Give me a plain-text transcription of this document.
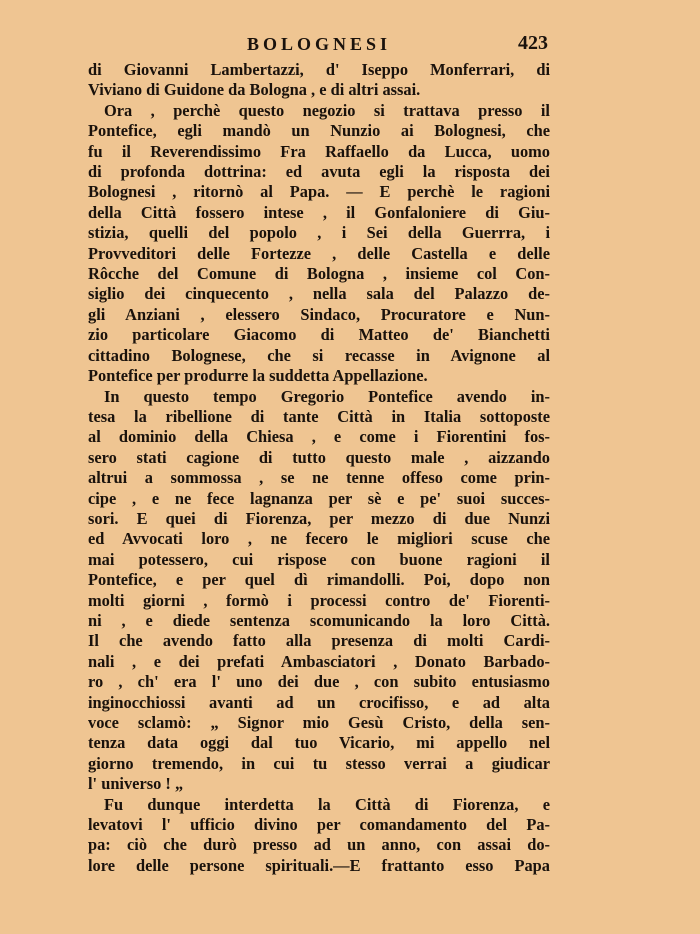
BOLOGNESI	423
di Giovanni Lambertazzi, d' Iseppo Monferrari, di
Viviano di Guidone da Bologna , e di altri assai.
Ora , perchè questo negozio si trattava presso il
Pontefice, egli mandò un Nunzio ai Bolognesi, che
fu il Reverendissimo Fra Raffaello da Lucca, uomo
di profonda dottrina: ed avuta egli la risposta dei
Bolognesi , ritornò al Papa. — E perchè le ragioni
della Città fossero intese , il Gonfaloniere di Giu-
stizia, quelli del popolo , i Sei della Guerrra, i
Provveditori delle Fortezze , delle Castella e delle
Rôcche del Comune di Bologna , insieme col Con-
siglio dei cinquecento , nella sala del Palazzo de-
gli Anziani , elessero Sindaco, Procuratore e Nun-
zio particolare Giacomo di Matteo de' Bianchetti
cittadino Bolognese, che si recasse in Avignone al
Pontefice per produrre la suddetta Appellazione.
In questo tempo Gregorio Pontefice avendo in-
tesa la ribellione di tante Città in Italia sottoposte
al dominio della Chiesa , e come i Fiorentini fos-
sero stati cagione di tutto questo male , aizzando
altrui a sommossa , se ne tenne offeso come prin-
cipe , e ne fece lagnanza per sè e pe' suoi succes-
sori. E quei di Fiorenza, per mezzo di due Nunzi
ed Avvocati loro , ne fecero le migliori scuse che
mai potessero, cui rispose con buone ragioni il
Pontefice, e per quel dì rimandolli. Poi, dopo non
molti giorni , formò i processi contro de' Fiorenti-
ni , e diede sentenza scomunicando la loro Città.
Il che avendo fatto alla presenza di molti Cardi-
nali , e dei prefati Ambasciatori , Donato Barbado-
ro , ch' era l' uno dei due , con subito entusiasmo
inginocchiossi avanti ad un crocifisso, e ad alta
voce sclamò: „ Signor mio Gesù Cristo, della sen-
tenza data oggi dal tuo Vicario, mi appello nel
giorno tremendo, in cui tu stesso verrai a giudicar
l' universo ! „
Fu dunque interdetta la Città di Fiorenza, e
levatovi l' ufficio divino per comandamento del Pa-
pa: ciò che durò presso ad un anno, con assai do-
lore delle persone spirituali.—E frattanto esso Papa
